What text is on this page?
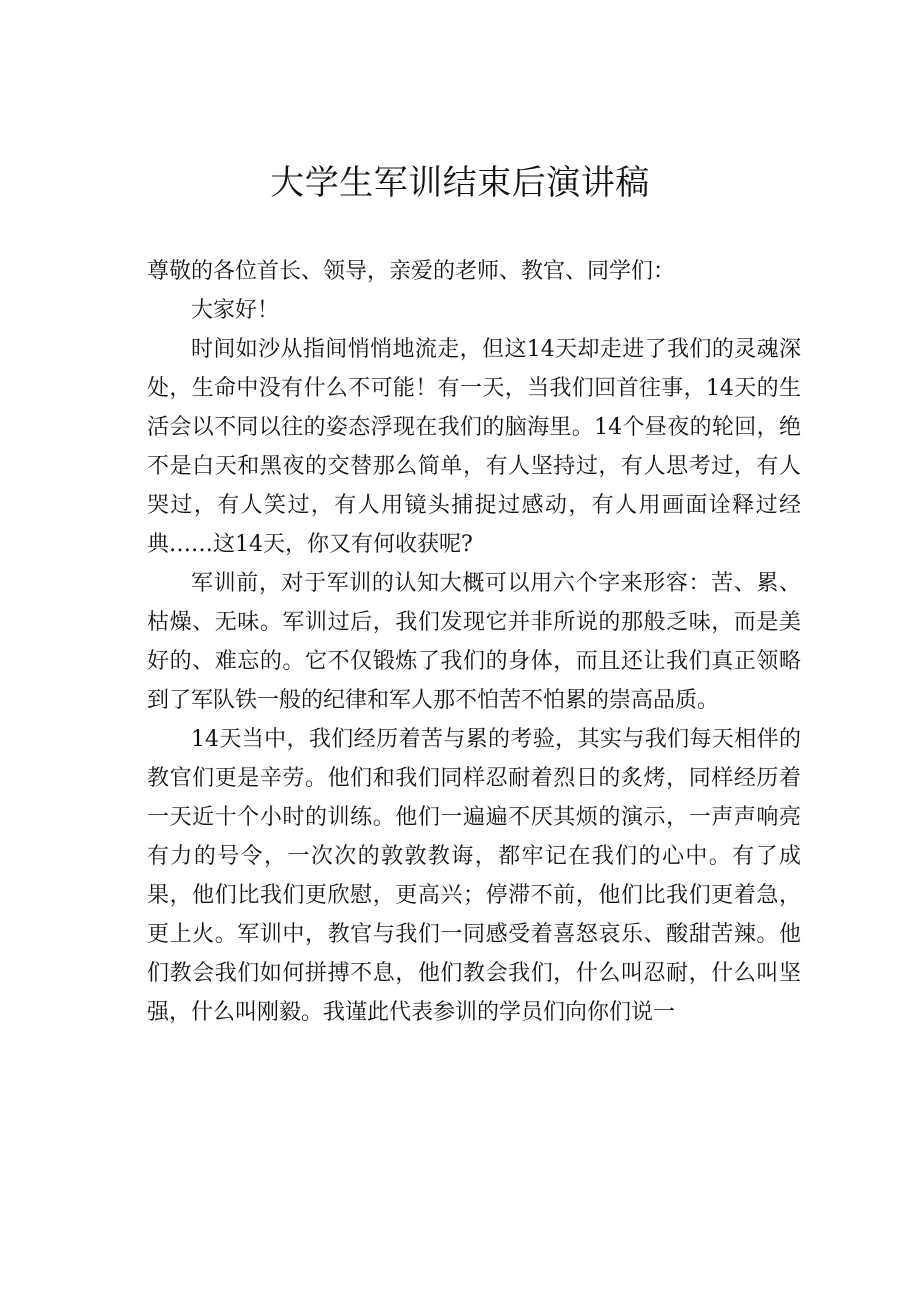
大学生军训结束后演讲稿

尊敬的各位首长、领导，亲爱的老师、教官、同学们：

大家好！

时间如沙从指间悄悄地流走，但这14天却走进了我们的灵魂深处，生命中没有什么不可能！有一天，当我们回首往事，14天的生活会以不同以往的姿态浮现在我们的脑海里。14个昼夜的轮回，绝不是白天和黑夜的交替那么简单，有人坚持过，有人思考过，有人哭过，有人笑过，有人用镜头捕捉过感动，有人用画面诠释过经典……这14天，你又有何收获呢?

军训前，对于军训的认知大概可以用六个字来形容：苦、累、枯燥、无味。军训过后，我们发现它并非所说的那般乏味，而是美好的、难忘的。它不仅锻炼了我们的身体，而且还让我们真正领略到了军队铁一般的纪律和军人那不怕苦不怕累的崇高品质。

14天当中，我们经历着苦与累的考验，其实与我们每天相伴的教官们更是辛劳。他们和我们同样忍耐着烈日的炙烤，同样经历着一天近十个小时的训练。他们一遍遍不厌其烦的演示，一声声响亮有力的号令，一次次的敦敦教诲，都牢记在我们的心中。有了成果，他们比我们更欣慰，更高兴；停滞不前，他们比我们更着急，更上火。军训中，教官与我们一同感受着喜怒哀乐、酸甜苦辣。他们教会我们如何拼搏不息，他们教会我们，什么叫忍耐，什么叫坚强，什么叫刚毅。我谨此代表参训的学员们向你们说一
